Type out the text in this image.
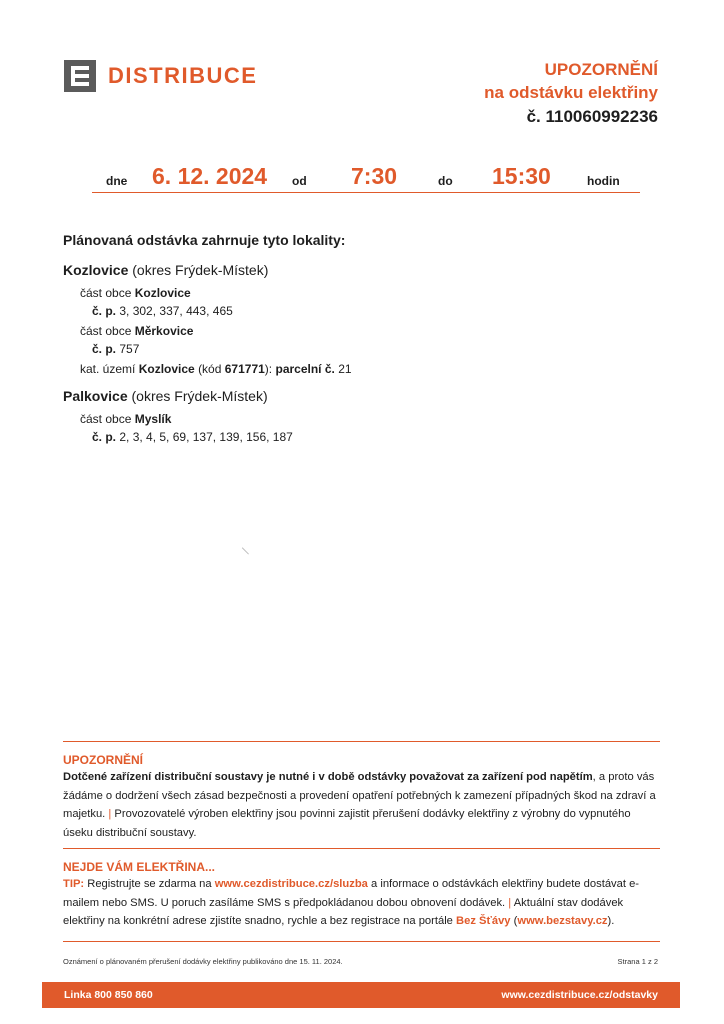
DISTRIBUCE	UPOZORNĚNÍ
na odstávku elektřiny
č. 110060992236
dne 6. 12. 2024 od 7:30	do 15:30	hodin
Plánovaná odstávka zahrnuje tyto lokality:
Kozlovice (okres Frýdek-Místek)
část obce Kozlovice
č. p. 3, 302, 337, 443, 465
část obce Měrkovice
č. p. 757
kat. území Kozlovice (kód 671771): parcelní č. 21
Palkovice (okres Frýdek-Místek)
část obce Myslík
č. p. 2, 3, 4, 5, 69, 137, 139, 156, 187
/
UPOZORNĚNÍ
Dotčené zařízení distribuční soustavy je nutné i v době odstávky považovat za zařízení pod napětím, a proto vás žádáme o dodržení všech zásad bezpečnosti a provedení opatření potřebných k zamezení případných škod na zdraví a majetku. | Provozovatelé výroben elektřiny jsou povinni zajistit přerušení dodávky elektřiny z výrobny do vypnutého úseku distribuční soustavy.
NEJDE VÁM ELEKTŘINA...
TIP: Registrujte se zdarma na www.cezdistribuce.cz/sluzba a informace o odstávkách elektřiny budete dostávat e-mailem nebo SMS. U poruch zasíláme SMS s předpokládanou dobou obnovení dodávek. | Aktuální stav dodávek elektřiny na konkrétní adrese zjistíte snadno, rychle a bez registrace na portále Bez Šťávy (www.bezstavy.cz).
Oznámení o plánovaném přerušení dodávky elektřiny publikováno dne 15. 11. 2024.	Strana 1 z 2
Linka 800 850 860	www.cezdistribuce.cz/odstavky
